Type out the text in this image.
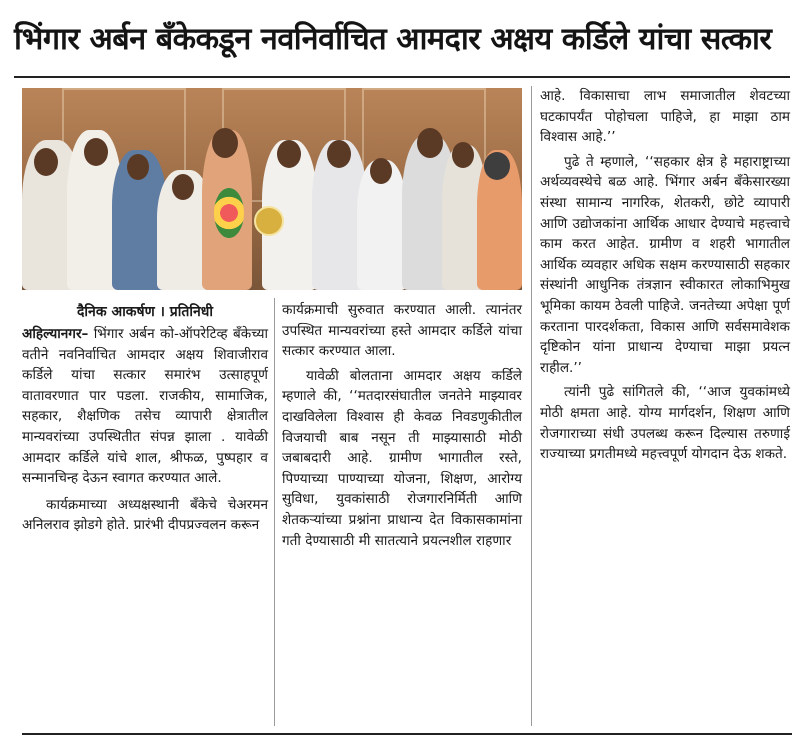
भिंगार अर्बन बँकेकडून नवनिर्वाचित आमदार अक्षय कर्डिले यांचा सत्कार
दैनिक आकर्षण । प्रतिनिधी

अहिल्यानगर– भिंगार अर्बन को-ऑपरेटिव्ह बँकेच्या वतीने नवनिर्वाचित आमदार अक्षय शिवाजीराव कर्डिले यांचा सत्कार समारंभ उत्साहपूर्ण वातावरणात पार पडला. राजकीय, सामाजिक, सहकार, शैक्षणिक तसेच व्यापारी क्षेत्रातील मान्यवरांच्या उपस्थितीत संपन्न झाला . यावेळी आमदार कर्डिले यांचे शाल, श्रीफळ, पुष्पहार व सन्मानचिन्ह देऊन स्वागत करण्यात आले.

कार्यक्रमाच्या अध्यक्षस्थानी बँकेचे चेअरमन अनिलराव झोडगे होते. प्रारंभी दीपप्रज्वलन करून

कार्यक्रमाची सुरुवात करण्यात आली. त्यानंतर उपस्थित मान्यवरांच्या हस्ते आमदार कर्डिले यांचा सत्कार करण्यात आला.

यावेळी बोलताना आमदार अक्षय कर्डिले म्हणाले की, ‘‘मतदारसंघातील जनतेने माझ्यावर दाखविलेला विश्वास ही केवळ निवडणुकीतील विजयाची बाब नसून ती माझ्यासाठी मोठी जबाबदारी आहे. ग्रामीण भागातील रस्ते, पिण्याच्या पाण्याच्या योजना, शिक्षण, आरोग्य सुविधा, युवकांसाठी रोजगारनिर्मिती आणि शेतकऱ्यांच्या प्रश्नांना प्राधान्य देत विकासकामांना गती देण्यासाठी मी सातत्याने प्रयत्नशील राहणार

आहे. विकासाचा लाभ समाजातील शेवटच्या घटकापर्यंत पोहोचला पाहिजे, हा माझा ठाम विश्वास आहे.’’

पुढे ते म्हणाले, ‘‘सहकार क्षेत्र हे महाराष्ट्राच्या अर्थव्यवस्थेचे बळ आहे. भिंगार अर्बन बँकेसारख्या संस्था सामान्य नागरिक, शेतकरी, छोटे व्यापारी आणि उद्योजकांना आर्थिक आधार देण्याचे महत्त्वाचे काम करत आहेत. ग्रामीण व शहरी भागातील आर्थिक व्यवहार अधिक सक्षम करण्यासाठी सहकार संस्थांनी आधुनिक तंत्रज्ञान स्वीकारत लोकाभिमुख भूमिका कायम ठेवली पाहिजे. जनतेच्या अपेक्षा पूर्ण करताना पारदर्शकता, विकास आणि सर्वसमावेशक दृष्टिकोन यांना प्राधान्य देण्याचा माझा प्रयत्न राहील.’’

त्यांनी पुढे सांगितले की, ‘‘आज युवकांमध्ये मोठी क्षमता आहे. योग्य मार्गदर्शन, शिक्षण आणि रोजगाराच्या संधी उपलब्ध करून दिल्यास तरुणाई राज्याच्या प्रगतीमध्ये महत्त्वपूर्ण योगदान देऊ शकते.
